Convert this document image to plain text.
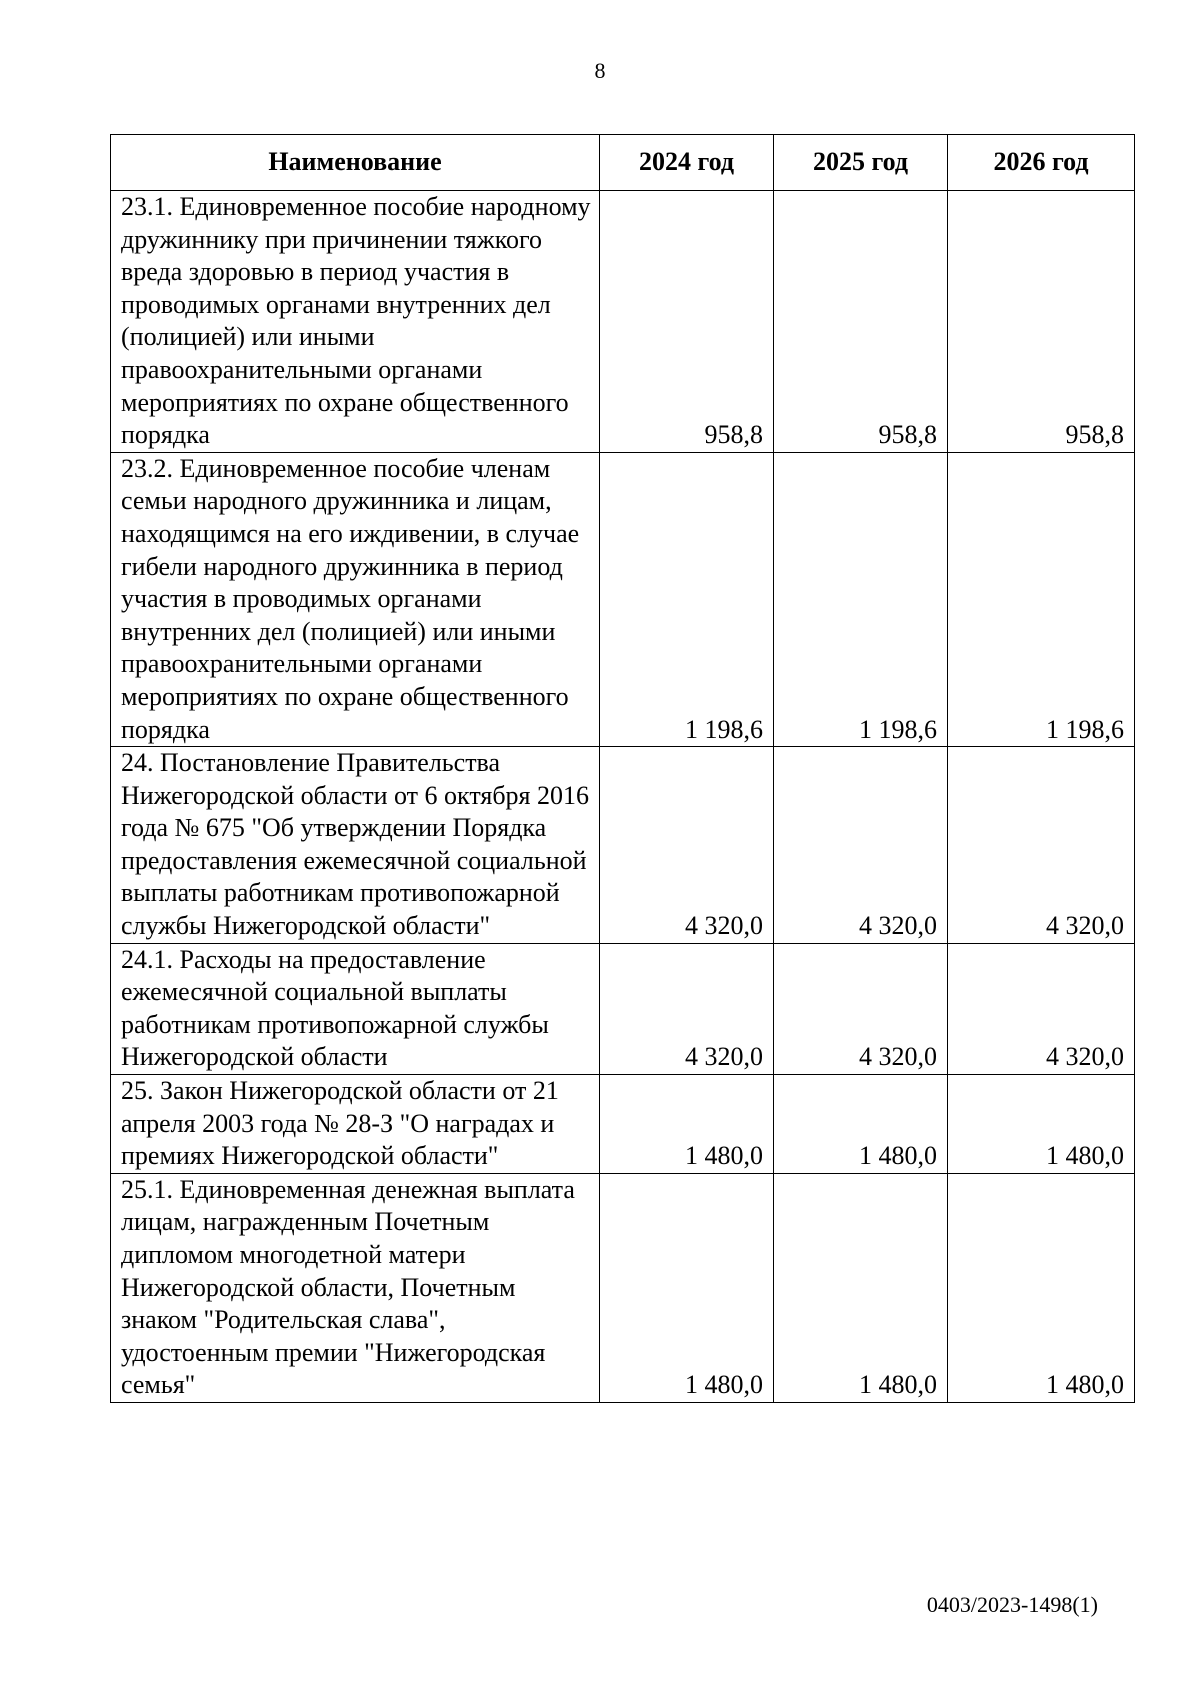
8
Наименование	2024 год	2025 год	2026 год
23.1. Единовременное пособие народному дружиннику при причинении тяжкого вреда здоровью в период участия в проводимых органами внутренних дел (полицией) или иными правоохранительными органами мероприятиях по охране общественного порядка	958,8	958,8	958,8
23.2. Единовременное пособие членам семьи народного дружинника и лицам, находящимся на его иждивении, в случае гибели народного дружинника в период участия в проводимых органами внутренних дел (полицией) или иными правоохранительными органами мероприятиях по охране общественного порядка	1 198,6	1 198,6	1 198,6
24. Постановление Правительства Нижегородской области от 6 октября 2016 года № 675 "Об утверждении Порядка предоставления ежемесячной социальной выплаты работникам противопожарной службы Нижегородской области"	4 320,0	4 320,0	4 320,0
24.1. Расходы на предоставление ежемесячной социальной выплаты работникам противопожарной службы Нижегородской области	4 320,0	4 320,0	4 320,0
25. Закон Нижегородской области от 21 апреля 2003 года № 28-З "О наградах и премиях Нижегородской области"	1 480,0	1 480,0	1 480,0
25.1. Единовременная денежная выплата лицам, награжденным Почетным дипломом многодетной матери Нижегородской области, Почетным знаком "Родительская слава", удостоенным премии "Нижегородская семья"	1 480,0	1 480,0	1 480,0
0403/2023-1498(1)
